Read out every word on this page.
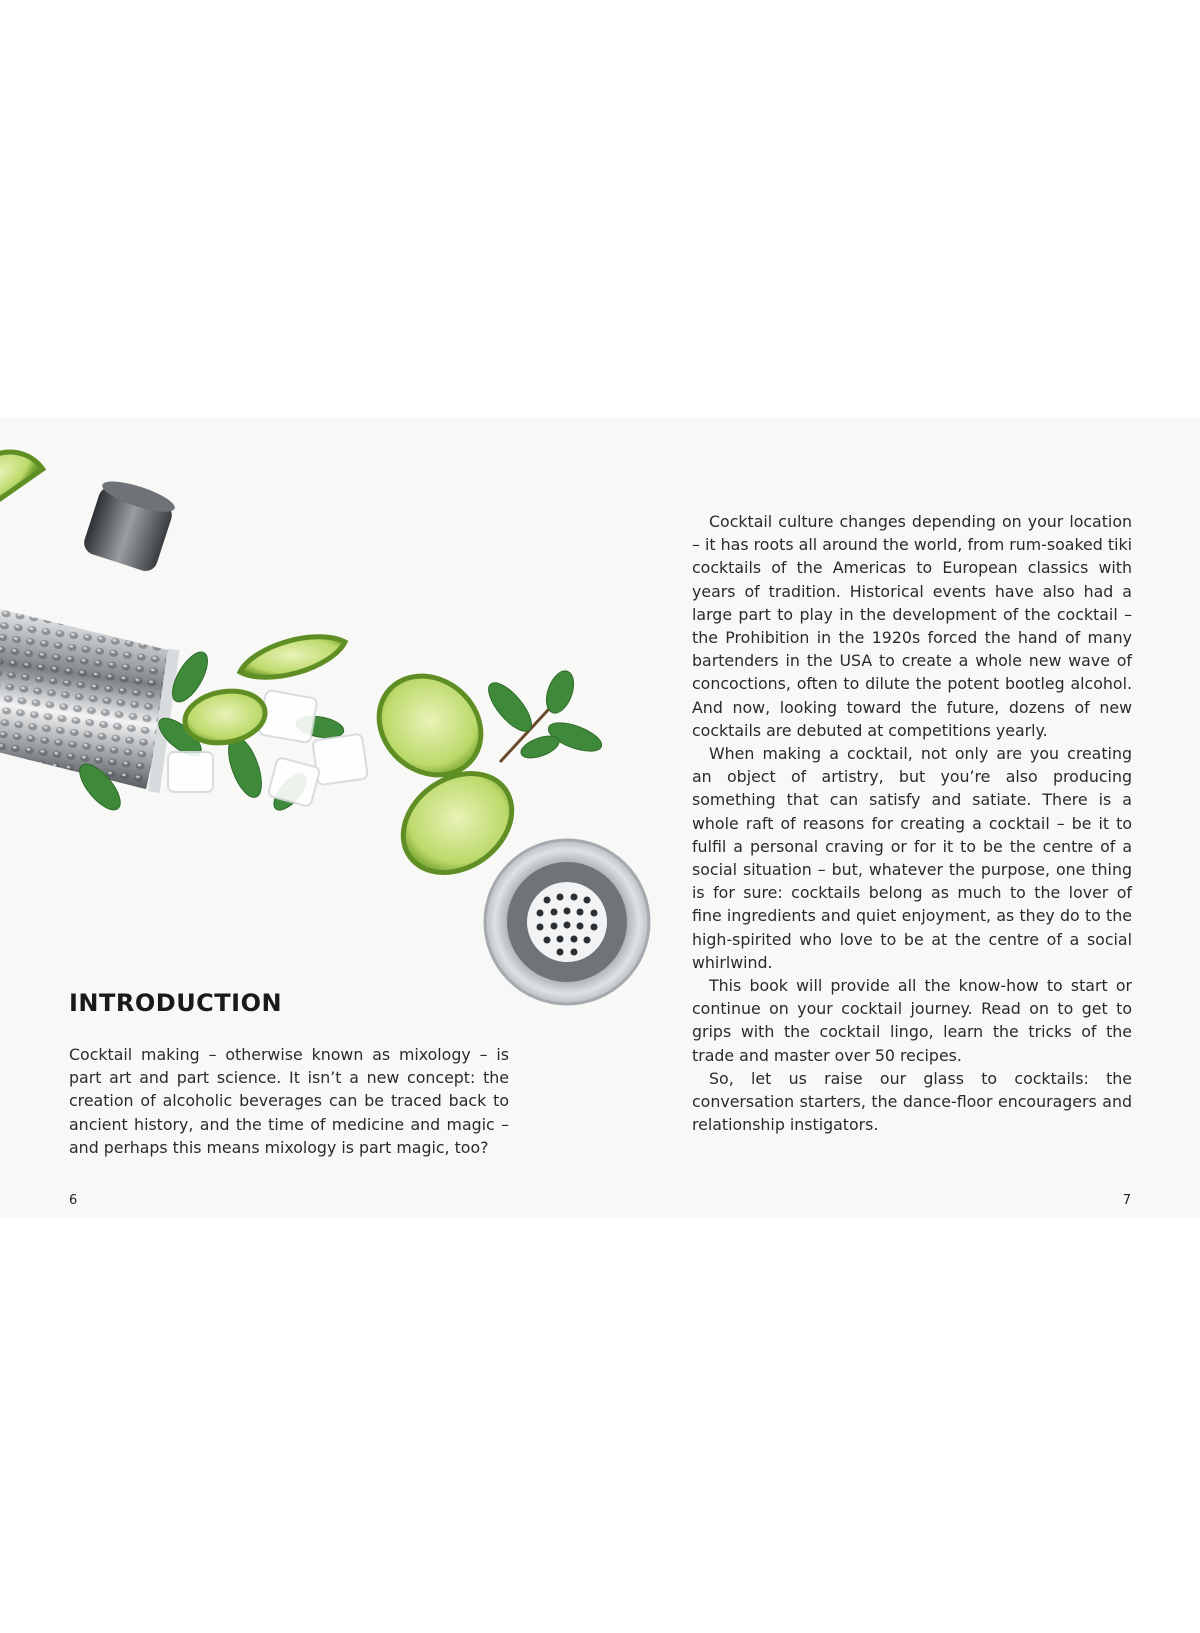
INTRODUCTION

Cocktail making – otherwise known as mixology – is part art and part science. It isn’t a new concept: the creation of alcoholic beverages can be traced back to ancient history, and the time of medicine and magic – and perhaps this means mixology is part magic, too?

Cocktail culture changes depending on your location – it has roots all around the world, from rum-soaked tiki cocktails of the Americas to European classics with years of tradition. Historical events have also had a large part to play in the development of the cocktail – the Prohibition in the 1920s forced the hand of many bartenders in the USA to create a whole new wave of concoctions, often to dilute the potent bootleg alcohol. And now, looking toward the future, dozens of new cocktails are debuted at competitions yearly.

When making a cocktail, not only are you creating an object of artistry, but you’re also producing something that can satisfy and satiate. There is a whole raft of reasons for creating a cocktail – be it to fulfil a personal craving or for it to be the centre of a social situation – but, whatever the purpose, one thing is for sure: cocktails belong as much to the lover of fine ingredients and quiet enjoyment, as they do to the high-spirited who love to be at the centre of a social whirlwind.

This book will provide all the know-how to start or continue on your cocktail journey. Read on to get to grips with the cocktail lingo, learn the tricks of the trade and master over 50 recipes.

So, let us raise our glass to cocktails: the conversation starters, the dance-floor encouragers and relationship instigators.

6	7
